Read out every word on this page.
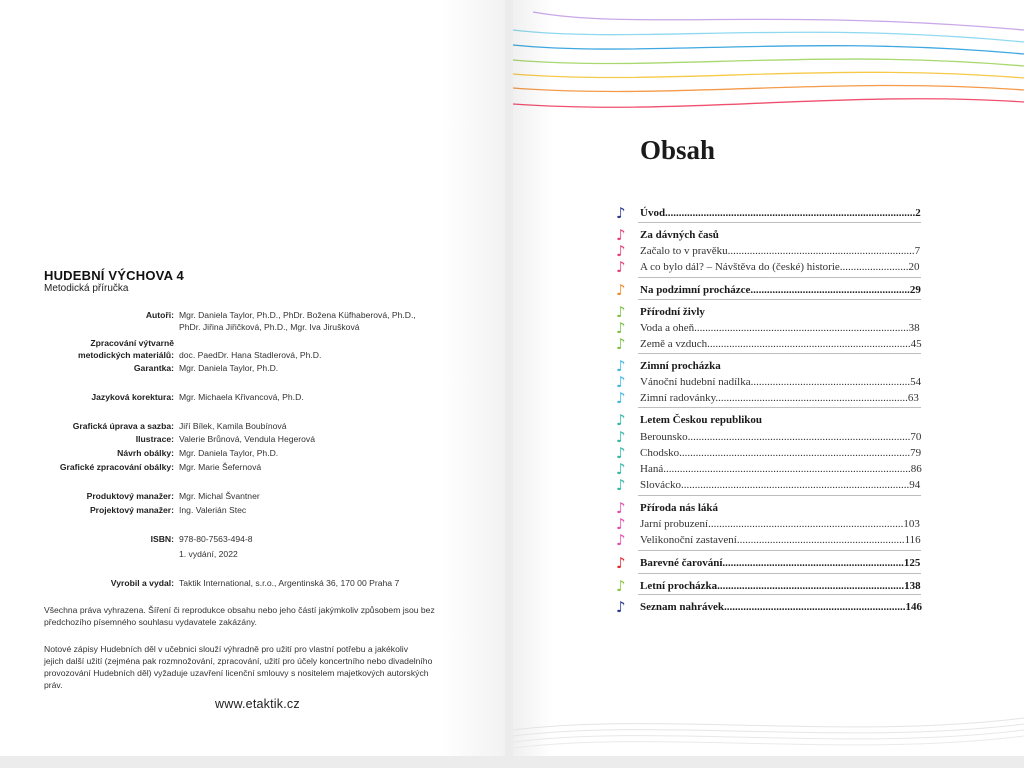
HUDEBNÍ VÝCHOVA 4
Metodická příručka
Autoři: Mgr. Daniela Taylor, Ph.D., PhDr. Božena Küfhaberová, Ph.D.,
PhDr. Jiřina Jiřičková, Ph.D., Mgr. Iva Jirušková
Zpracování výtvarně
metodických materiálů: doc. PaedDr. Hana Stadlerová, Ph.D.
Garantka: Mgr. Daniela Taylor, Ph.D.
Jazyková korektura: Mgr. Michaela Křivancová, Ph.D.
Grafická úprava a sazba: Jiří Bílek, Kamila Boubínová
Ilustrace: Valerie Brůnová, Vendula Hegerová
Návrh obálky: Mgr. Daniela Taylor, Ph.D.
Grafické zpracování obálky: Mgr. Marie Šefernová
Produktový manažer: Mgr. Michal Švantner
Projektový manažer: Ing. Valerián Stec
ISBN: 978-80-7563-494-8
1. vydání, 2022
Vyrobil a vydal: Taktik International, s.r.o., Argentinská 36, 170 00 Praha 7
Všechna práva vyhrazena. Šíření či reprodukce obsahu nebo jeho částí jakýmkoliv způsobem jsou bez
předchozího písemného souhlasu vydavatele zakázány.
Notové zápisy Hudebních děl v učebnici slouží výhradně pro užití pro vlastní potřebu a jakékoliv
jejich další užití (zejména pak rozmnožování, zpracování, užití pro účely koncertního nebo divadelního
provozování Hudebních děl) vyžaduje uzavření licenční smlouvy s nositelem majetkových autorských
práv.
www.etaktik.cz
Obsah
♪	Úvod...........................................................................................2
♪	Za dávných časů
♪	Začalo to v pravěku....................................................................7
♪	A co bylo dál? – Návštěva do (české) historie.........................20
♪	Na podzimní procházce..........................................................29
♪	Přírodní živly
♪	Voda a oheň..............................................................................38
♪	Země a vzduch..........................................................................45
♪	Zimní procházka
♪	Vánoční hudební nadílka..........................................................54
♪	Zimní radovánky......................................................................63
♪	Letem Českou republikou
♪	Berounsko.................................................................................70
♪	Chodsko....................................................................................79
♪	Haná..........................................................................................86
♪	Slovácko...................................................................................94
♪	Příroda nás láká
♪	Jarní probuzení.......................................................................103
♪	Velikonoční zastavení.............................................................116
♪	Barevné čarování..................................................................125
♪	Letní procházka....................................................................138
♪	Seznam nahrávek..................................................................146
